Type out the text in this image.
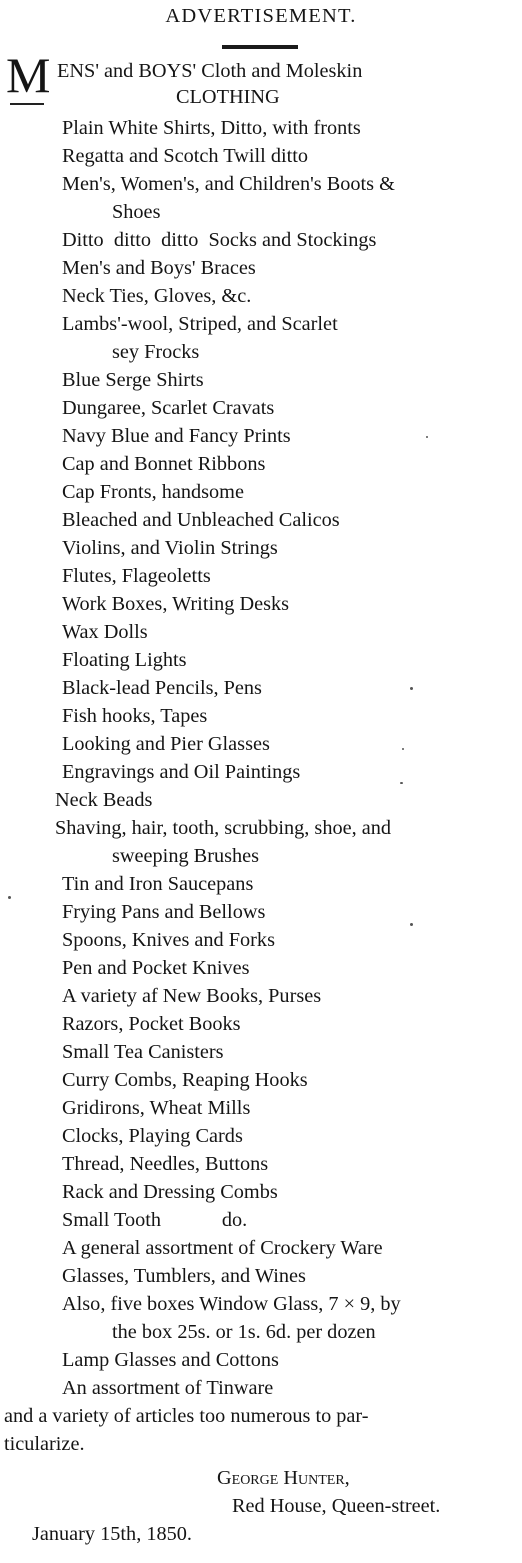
ADVERTISEMENT.
M ENS' and BOYS' Cloth and Moleskin
CLOTHING
Plain White Shirts, Ditto, with fronts
Regatta and Scotch Twill ditto
Men's, Women's, and Children's Boots &
Shoes
Ditto  ditto  ditto  Socks and Stockings
Men's and Boys' Braces
Neck Ties, Gloves, &c.
Lambs'-wool, Striped, and Scarlet
sey Frocks
Blue Serge Shirts
Dungaree, Scarlet Cravats
Navy Blue and Fancy Prints
Cap and Bonnet Ribbons
Cap Fronts, handsome
Bleached and Unbleached Calicos
Violins, and Violin Strings
Flutes, Flageoletts
Work Boxes, Writing Desks
Wax Dolls
Floating Lights
Black-lead Pencils, Pens
Fish hooks, Tapes
Looking and Pier Glasses
Engravings and Oil Paintings
Neck Beads
Shaving, hair, tooth, scrubbing, shoe, and
sweeping Brushes
Tin and Iron Saucepans
Frying Pans and Bellows
Spoons, Knives and Forks
Pen and Pocket Knives
A variety af New Books, Purses
Razors, Pocket Books
Small Tea Canisters
Curry Combs, Reaping Hooks
Gridirons, Wheat Mills
Clocks, Playing Cards
Thread, Needles, Buttons
Rack and Dressing Combs
Small Tooth            do.
A general assortment of Crockery Ware
Glasses, Tumblers, and Wines
Also, five boxes Window Glass, 7 × 9, by
the box 25s. or 1s. 6d. per dozen
Lamp Glasses and Cottons
An assortment of Tinware
and a variety of articles too numerous to par-
ticularize.
George Hunter,
Red House, Queen-street.
January 15th, 1850.
